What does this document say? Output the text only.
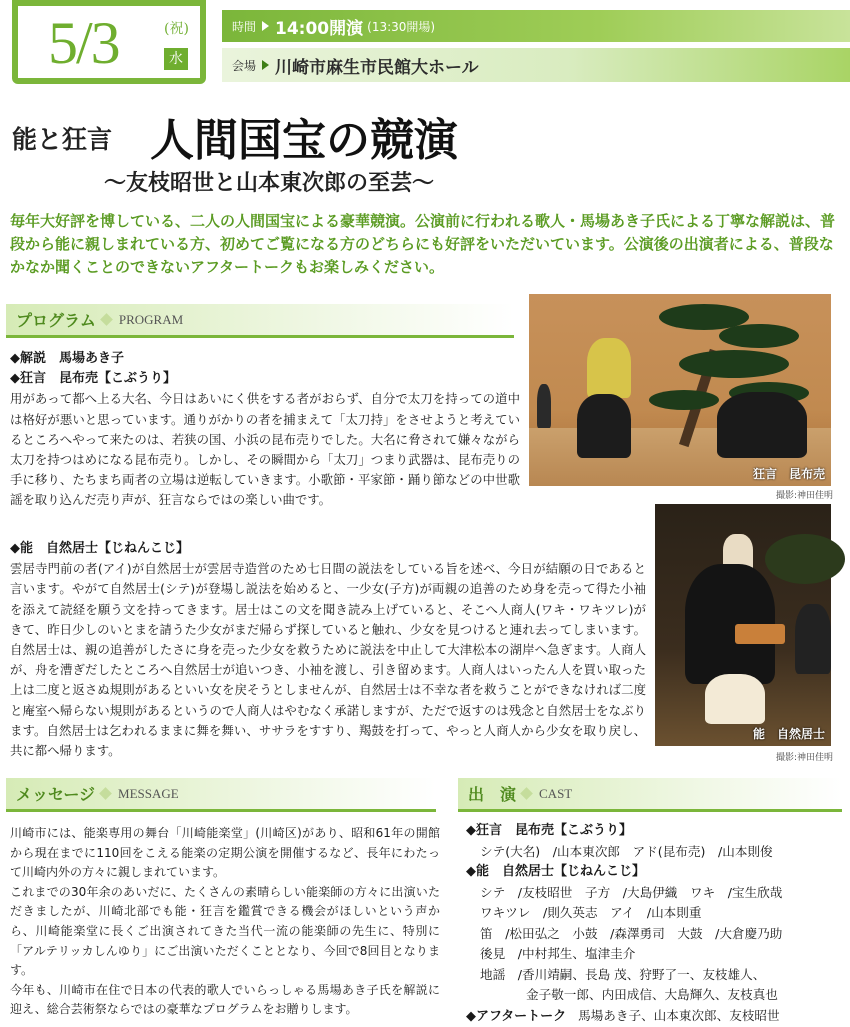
5/3	(祝)
水
時間 14:00開演 (13:30開場)
会場 川崎市麻生市民館大ホール
能と狂言 人間国宝の競演
〜友枝昭世と山本東次郎の至芸〜
毎年大好評を博している、二人の人間国宝による豪華競演。公演前に行われる歌人・馬場あき子氏による丁寧な解説は、普段から能に親しまれている方、初めてご覧になる方のどちらにも好評をいただいています。公演後の出演者による、普段なかなか聞くことのできないアフタートークもお楽しみください。
プログラム PROGRAM
◆解説　馬場あき子
◆狂言　昆布売【こぶうり】
用があって都へ上る大名、今日はあいにく供をする者がおらず、自分で太刀を持っての道中は格好が悪いと思っています。通りがかりの者を捕まえて「太刀持」をさせようと考えているところへやって来たのは、若狭の国、小浜の昆布売りでした。大名に脅されて嫌々ながら太刀を持つはめになる昆布売り。しかし、その瞬間から「太刀」つまり武器は、昆布売りの手に移り、たちまち両者の立場は逆転していきます。小歌節・平家節・踊り節などの中世歌謡を取り込んだ売り声が、狂言ならではの楽しい曲です。
◆能　自然居士【じねんこじ】
雲居寺門前の者(アイ)が自然居士が雲居寺造営のため七日間の説法をしている旨を述べ、今日が結願の日であると言います。やがて自然居士(シテ)が登場し説法を始めると、一少女(子方)が両親の追善のため身を売って得た小袖を添えて読経を願う文を持ってきます。居士はこの文を聞き読み上げていると、そこへ人商人(ワキ・ワキツレ)がきて、昨日少しのいとまを請うた少女がまだ帰らず探していると触れ、少女を見つけると連れ去ってしまいます。自然居士は、親の追善がしたさに身を売った少女を救うために説法を中止して大津松本の湖岸へ急ぎます。人商人が、舟を漕ぎだしたところへ自然居士が追いつき、小袖を渡し、引き留めます。人商人はいったん人を買い取った上は二度と返さぬ規則があるといい女を戻そうとしませんが、自然居士は不幸な者を救うことができなければ二度と庵室へ帰らない規則があるというので人商人はやむなく承諾しますが、ただで返すのは残念と自然居士をなぶります。自然居士は乞われるままに舞を舞い、ササラをすすり、羯鼓を打って、やっと人商人から少女を取り戻し、共に都へ帰ります。
狂言　昆布売
撮影:神田佳明
能　自然居士
撮影:神田佳明
メッセージ MESSAGE
川崎市には、能楽専用の舞台「川崎能楽堂」(川崎区)があり、昭和61年の開館から現在までに110回をこえる能楽の定期公演を開催するなど、長年にわたって川崎内外の方々に親しまれています。
これまでの30年余のあいだに、たくさんの素晴らしい能楽師の方々に出演いただきましたが、川崎北部でも能・狂言を鑑賞できる機会がほしいという声から、川崎能楽堂に長くご出演されてきた当代一流の能楽師の先生に、特別に「アルテリッカしんゆり」にご出演いただくこととなり、今回で8回目となります。
今年も、川崎市在住で日本の代表的歌人でいらっしゃる馬場あき子氏を解説に迎え、総合芸術祭ならではの豪華なプログラムをお贈りします。
出　演 CAST
◆狂言　昆布売【こぶうり】
シテ(大名)　/山本東次郎　アド(昆布売)　/山本則俊
◆能　自然居士【じねんこじ】
シテ　/友枝昭世　子方　/大島伊織　ワキ　/宝生欣哉
ワキツレ　/則久英志　アイ　/山本則重
笛　/松田弘之　小鼓　/森澤勇司　大鼓　/大倉慶乃助
後見　/中村邦生、塩津圭介
地謡　/香川靖嗣、長島 茂、狩野了一、友枝雄人、
金子敬一郎、内田成信、大島輝久、友枝真也
◆アフタートーク 馬場あき子、山本東次郎、友枝昭世
